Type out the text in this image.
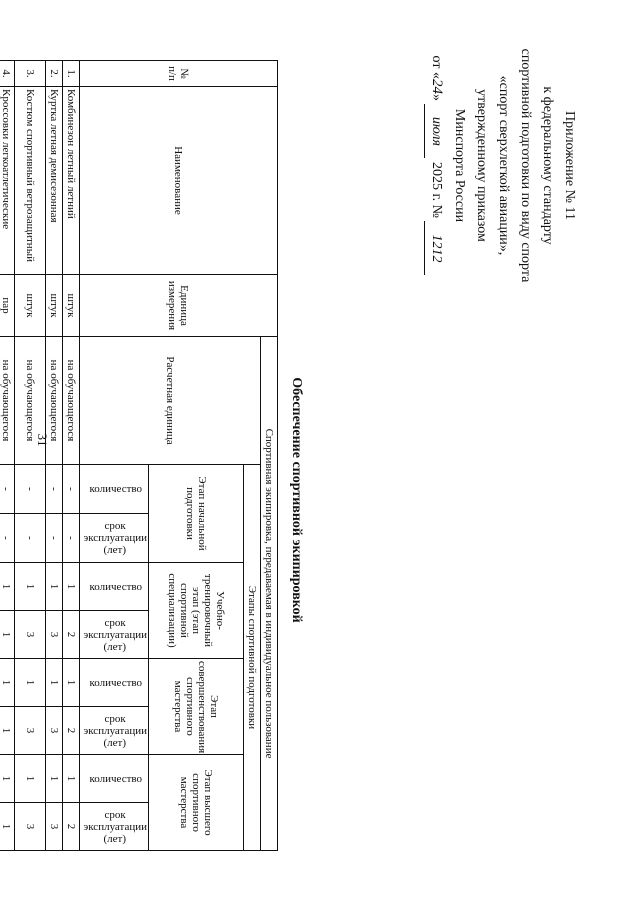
Приложение № 11
к федеральному стандарту
спортивной подготовки по виду спорта
«спорт сверхлегкой авиации»,
утвержденному приказом
Минспорта России
от «24» июля 2025 г. № 1212
Обеспечение спортивной экипировкой
№ п/п	Наименование	Единица измерения	Спортивная экипировка, передаваемая в индивидуальное пользование								
			Расчетная единица	Этапы спортивной подготовки							
				Этап начальной подготовки		Учебно-тренировочный этап (этап спортивной специализации)		Этап совершенствования спортивного мастерства		Этап высшего спортивного мастерства	
				количество	срок эксплуатации (лет)	количество	срок эксплуатации (лет)	количество	срок эксплуатации (лет)	количество	срок эксплуатации (лет)
1.	Комбинезон летный летний	штук	на обучающегося	-	-	1	2	1	2	1	2
2.	Куртка летная демисезонная	штук	на обучающегося	-	-	1	3	1	3	1	3
3.	Костюм спортивный ветрозащитный	штук	на обучающегося	-	-	1	3	1	3	1	3
4.	Кроссовки легкоатлетические	пар	на обучающегося	-	-	1	1	1	1	1	1

31
